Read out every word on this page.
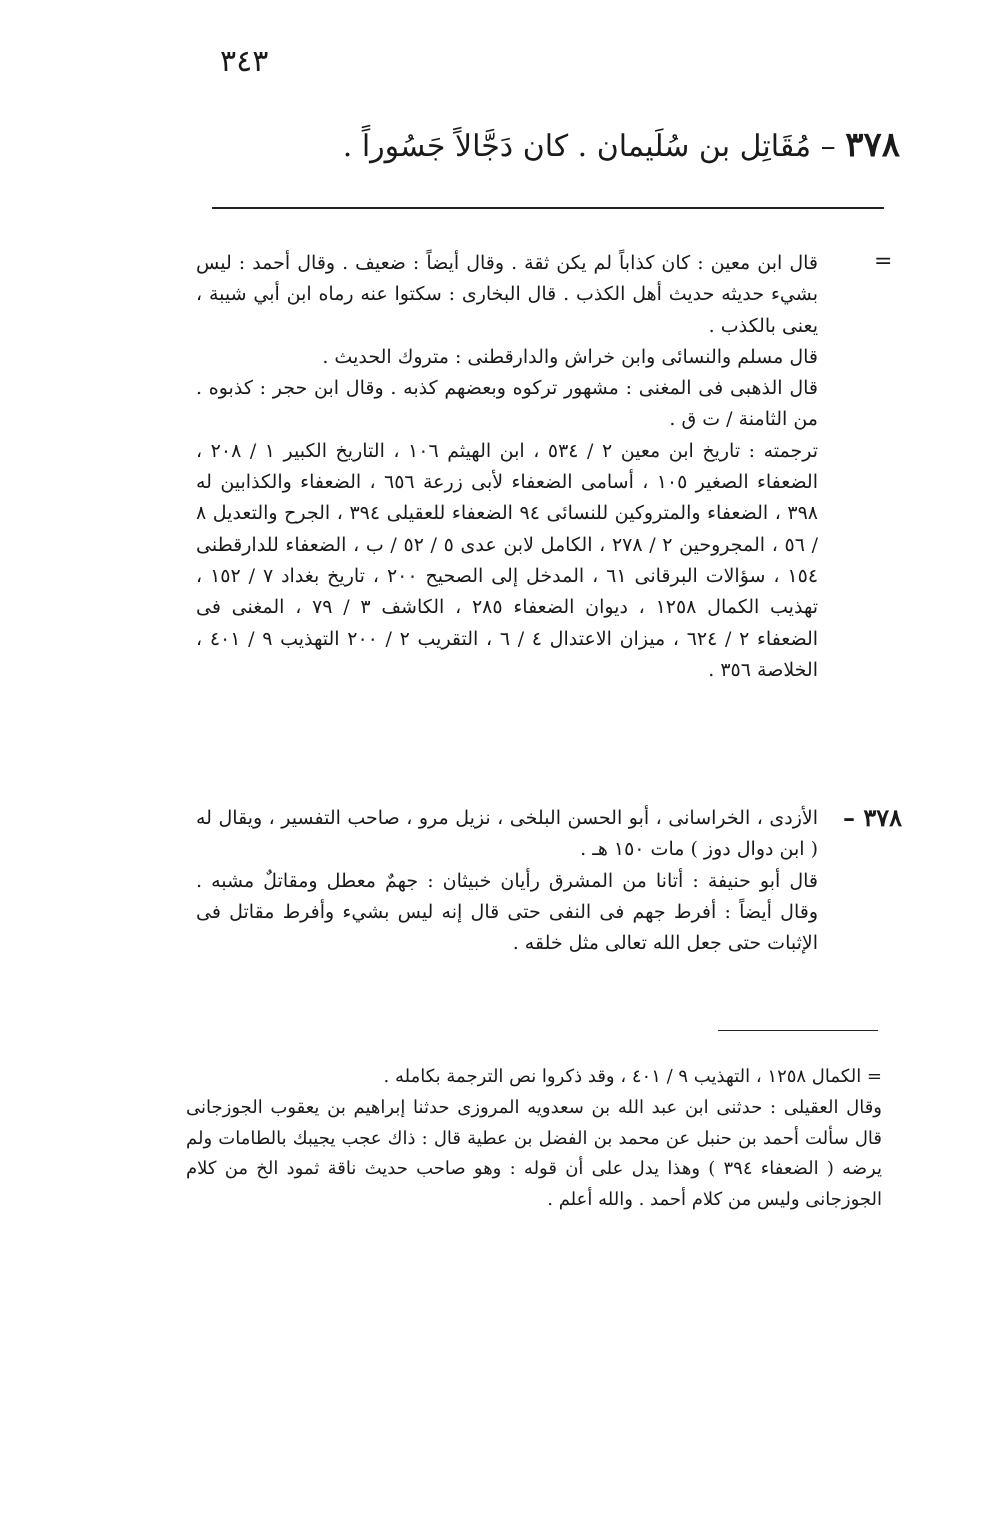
٣٤٣
٣٧٨ – مُقَاتِل بن سُلَيمان . كان دَجَّالاً جَسُوراً .
=

قال ابن معين : كان كذاباً لم يكن ثقة . وقال أيضاً : ضعيف . وقال أحمد : ليس بشيء حديثه حديث أهل الكذب . قال البخارى : سكتوا عنه رماه ابن أبي شيبة ، يعنى بالكذب .

قال مسلم والنسائى وابن خراش والدارقطنى : متروك الحديث .

قال الذهبى فى المغنى : مشهور تركوه وبعضهم كذبه . وقال ابن حجر : كذبوه . من الثامنة / ت ق .

ترجمته : تاريخ ابن معين ٢ / ٥٣٤ ، ابن الهيثم ١٠٦ ، التاريخ الكبير ١ / ٢٠٨ ، الضعفاء الصغير ١٠٥ ، أسامى الضعفاء لأبى زرعة ٦٥٦ ، الضعفاء والكذابين له ٣٩٨ ، الضعفاء والمتروكين للنسائى ٩٤ الضعفاء للعقيلى ٣٩٤ ، الجرح والتعديل ٨ / ٥٦ ، المجروحين ٢ / ٢٧٨ ، الكامل لابن عدى ٥ / ٥٢ / ب ، الضعفاء للدارقطنى ١٥٤ ، سؤالات البرقانى ٦١ ، المدخل إلى الصحيح ٢٠٠ ، تاريخ بغداد ٧ / ١٥٢ ، تهذيب الكمال ١٢٥٨ ، ديوان الضعفاء ٢٨٥ ، الكاشف ٣ / ٧٩ ، المغنى فى الضعفاء ٢ / ٦٢٤ ، ميزان الاعتدال ٤ / ٦ ، التقريب ٢ / ٢٠٠ التهذيب ٩ / ٤٠١ ، الخلاصة ٣٥٦ .

٣٧٨ –

الأزدى ، الخراسانى ، أبو الحسن البلخى ، نزيل مرو ، صاحب التفسير ، ويقال له ( ابن دوال دوز ) مات ١٥٠ هـ .

قال أبو حنيفة : أتانا من المشرق رأيان خبيثان : جهمٌ معطل ومقاتلٌ مشبه . وقال أيضاً : أفرط جهم فى النفى حتى قال إنه ليس بشيء وأفرط مقاتل فى الإثبات حتى جعل الله تعالى مثل خلقه .

= الكمال ١٢٥٨ ، التهذيب ٩ / ٤٠١ ، وقد ذكروا نص الترجمة بكامله .

وقال العقيلى : حدثنى ابن عبد الله بن سعدويه المروزى حدثنا إبراهيم بن يعقوب الجوزجانى قال سألت أحمد بن حنبل عن محمد بن الفضل بن عطية قال : ذاك عجب يجيبك بالطامات ولم يرضه ( الضعفاء ٣٩٤ ) وهذا يدل على أن قوله : وهو صاحب حديث ناقة ثمود الخ من كلام الجوزجانى وليس من كلام أحمد . والله أعلم .
